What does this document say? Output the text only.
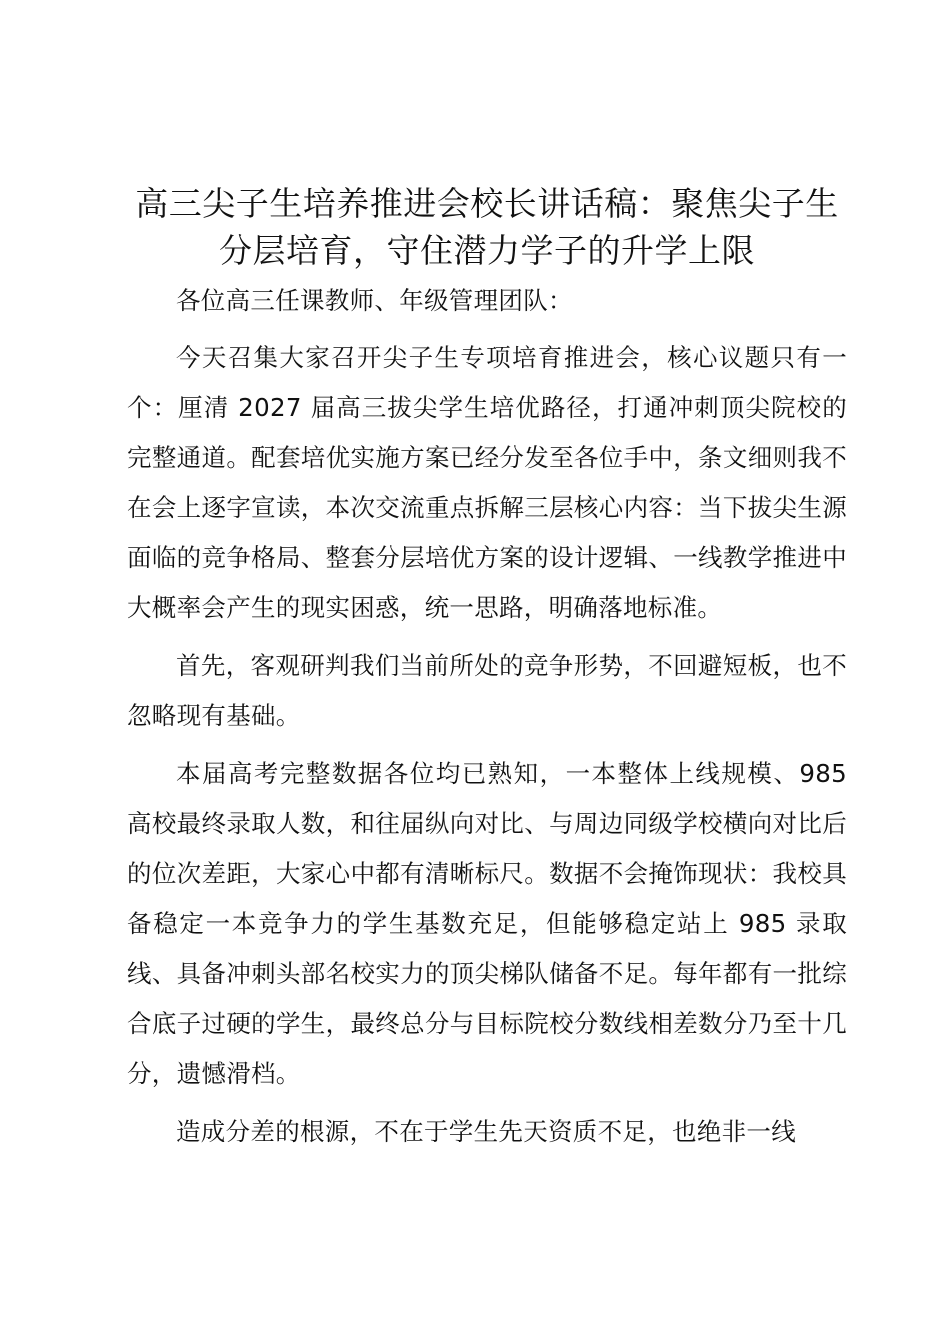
高三尖子生培养推进会校长讲话稿：聚焦尖子生分层培育，守住潜力学子的升学上限

各位高三任课教师、年级管理团队：

今天召集大家召开尖子生专项培育推进会，核心议题只有一个：厘清 2027 届高三拔尖学生培优路径，打通冲刺顶尖院校的完整通道。配套培优实施方案已经分发至各位手中，条文细则我不在会上逐字宣读，本次交流重点拆解三层核心内容：当下拔尖生源面临的竞争格局、整套分层培优方案的设计逻辑、一线教学推进中大概率会产生的现实困惑，统一思路，明确落地标准。

首先，客观研判我们当前所处的竞争形势，不回避短板，也不忽略现有基础。

本届高考完整数据各位均已熟知，一本整体上线规模、985 高校最终录取人数，和往届纵向对比、与周边同级学校横向对比后的位次差距，大家心中都有清晰标尺。数据不会掩饰现状：我校具备稳定一本竞争力的学生基数充足，但能够稳定站上 985 录取线、具备冲刺头部名校实力的顶尖梯队储备不足。每年都有一批综合底子过硬的学生，最终总分与目标院校分数线相差数分乃至十几分，遗憾滑档。

造成分差的根源，不在于学生先天资质不足，也绝非一线
